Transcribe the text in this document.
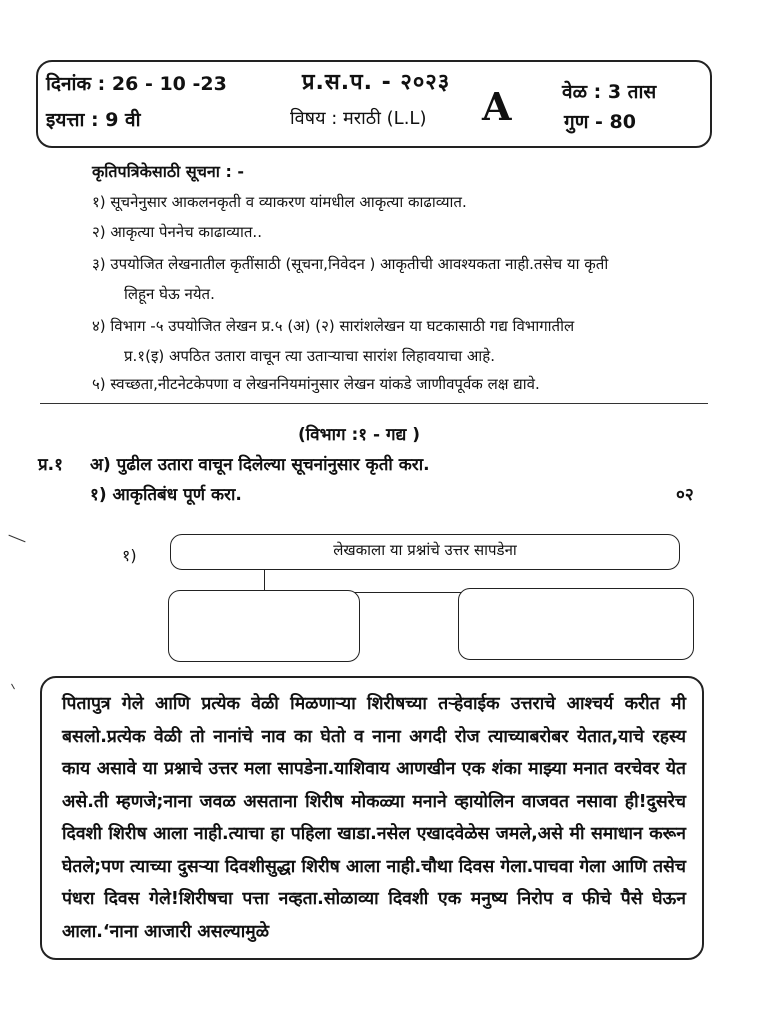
दिनांक : 26 - 10 -23
इयत्ता : 9 वी
प्र.स.प. - २०२३
विषय : मराठी (L.L) A	वेळ : 3 तास
गुण - 80
कृतिपत्रिकेसाठी सूचना : -
१) सूचनेनुसार आकलनकृती व व्याकरण यांमधील आकृत्या काढाव्यात.
२) आकृत्या पेननेच काढाव्यात..
३) उपयोजित लेखनातील कृतींसाठी (सूचना,निवेदन ) आकृतीची आवश्यकता नाही.तसेच या कृती
लिहून घेऊ नयेत.
४) विभाग -५ उपयोजित लेखन प्र.५ (अ) (२) सारांशलेखन या घटकासाठी गद्य विभागातील
प्र.१(इ) अपठित उतारा वाचून त्या उताऱ्याचा सारांश लिहावयाचा आहे.
५) स्वच्छता,नीटनेटकेपणा व लेखननियमांनुसार लेखन यांकडे जाणीवपूर्वक लक्ष द्यावे.
(विभाग :१ - गद्य )
प्र.१ अ) पुढील उतारा वाचून दिलेल्या सूचनांनुसार कृती करा.
१) आकृतिबंध पूर्ण करा.	०२
१)	लेखकाला या प्रश्नांचे उत्तर सापडेना
पितापुत्र गेले आणि प्रत्येक वेळी मिळणाऱ्या शिरीषच्या तऱ्हेवाईक उत्तराचे आश्चर्य करीत मी बसलो.प्रत्येक वेळी तो नानांचे नाव का घेतो व नाना अगदी रोज त्याच्याबरोबर येतात,याचे रहस्य काय असावे या प्रश्नाचे उत्तर मला सापडेना.याशिवाय आणखीन एक शंका माझ्या मनात वरचेवर येत असे.ती म्हणजे;नाना जवळ असताना शिरीष मोकळ्या मनाने व्हायोलिन वाजवत नसावा ही!दुसरेच दिवशी शिरीष आला नाही.त्याचा हा पहिला खाडा.नसेल एखादवेळेस जमले,असे मी समाधान करून घेतले;पण त्याच्या दुसऱ्या दिवशीसुद्धा शिरीष आला नाही.चौथा दिवस गेला.पाचवा गेला आणि तसेच पंधरा दिवस गेले!शिरीषचा पत्ता नव्हता.सोळाव्या दिवशी एक मनुष्य निरोप व फीचे पैसे घेऊन आला.‘नाना आजारी असल्यामुळे
